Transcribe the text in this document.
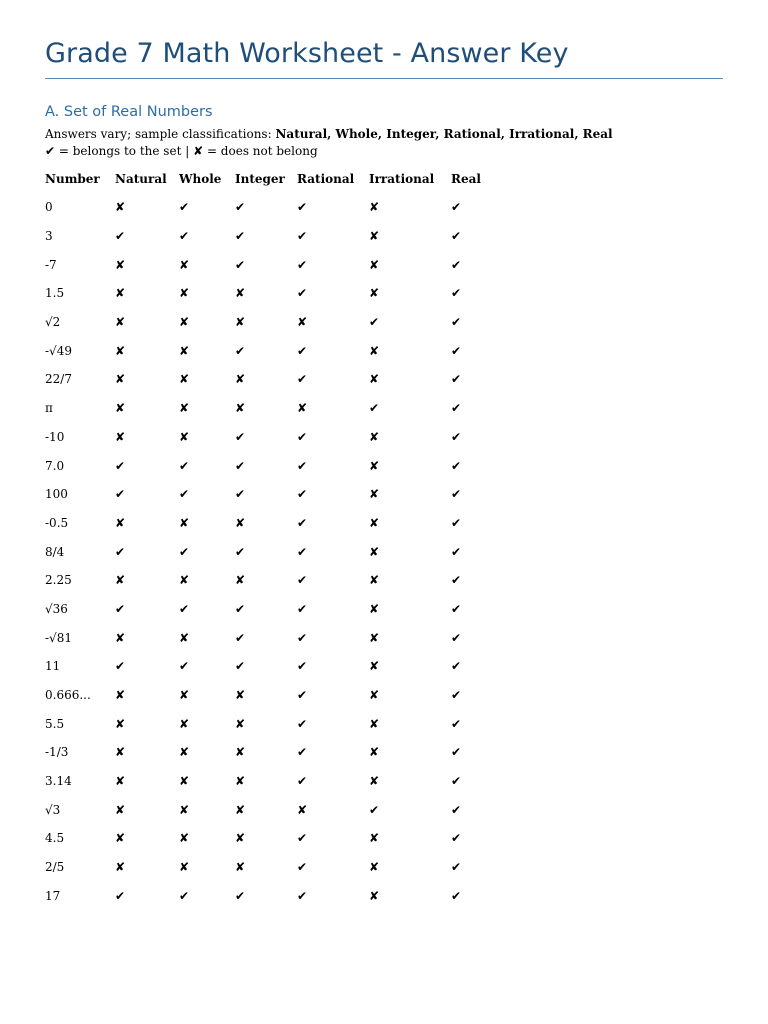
Grade 7 Math Worksheet - Answer Key
A. Set of Real Numbers
Answers vary; sample classifications: Natural, Whole, Integer, Rational, Irrational, Real
✔ = belongs to the set | ✘ = does not belong
Number	Natural	Whole	Integer	Rational	Irrational	Real
0	✘	✔	✔	✔	✘	✔
3	✔	✔	✔	✔	✘	✔
-7	✘	✘	✔	✔	✘	✔
1.5	✘	✘	✘	✔	✘	✔
√2	✘	✘	✘	✘	✔	✔
-√49	✘	✘	✔	✔	✘	✔
22/7	✘	✘	✘	✔	✘	✔
π	✘	✘	✘	✘	✔	✔
-10	✘	✘	✔	✔	✘	✔
7.0	✔	✔	✔	✔	✘	✔
100	✔	✔	✔	✔	✘	✔
-0.5	✘	✘	✘	✔	✘	✔
8/4	✔	✔	✔	✔	✘	✔
2.25	✘	✘	✘	✔	✘	✔
√36	✔	✔	✔	✔	✘	✔
-√81	✘	✘	✔	✔	✘	✔
11	✔	✔	✔	✔	✘	✔
0.666...	✘	✘	✘	✔	✘	✔
5.5	✘	✘	✘	✔	✘	✔
-1/3	✘	✘	✘	✔	✘	✔
3.14	✘	✘	✘	✔	✘	✔
√3	✘	✘	✘	✘	✔	✔
4.5	✘	✘	✘	✔	✘	✔
2/5	✘	✘	✘	✔	✘	✔
17	✔	✔	✔	✔	✘	✔
